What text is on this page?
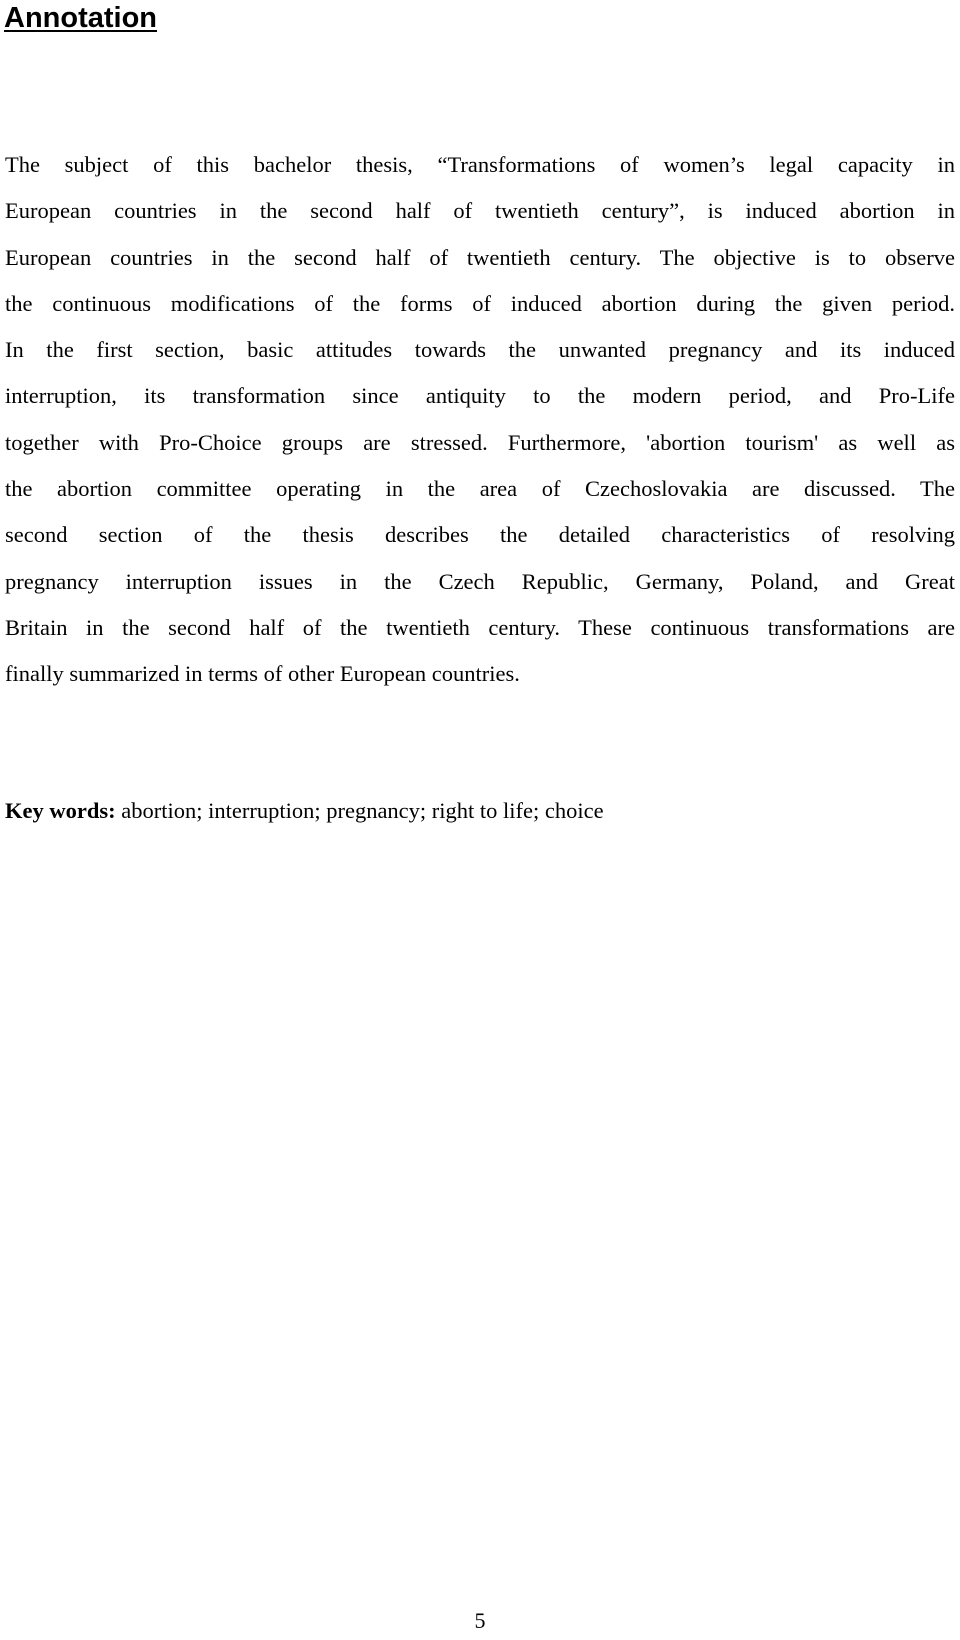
Annotation
The subject of this bachelor thesis, “Transformations of women’s legal capacity in
European countries in the second half of twentieth century”, is induced abortion in
European countries in the second half of twentieth century. The objective is to observe
the continuous modifications of the forms of induced abortion during the given period.
In the first section, basic attitudes towards the unwanted pregnancy and its induced
interruption, its transformation since antiquity to the modern period, and Pro-Life
together with Pro-Choice groups are stressed. Furthermore, 'abortion tourism' as well as
the abortion committee operating in the area of Czechoslovakia are discussed. The
second section of the thesis describes the detailed characteristics of resolving
pregnancy interruption issues in the Czech Republic, Germany, Poland, and Great
Britain in the second half of the twentieth century. These continuous transformations are
finally summarized in terms of other European countries.

Key words: abortion; interruption; pregnancy; right to life; choice

5
